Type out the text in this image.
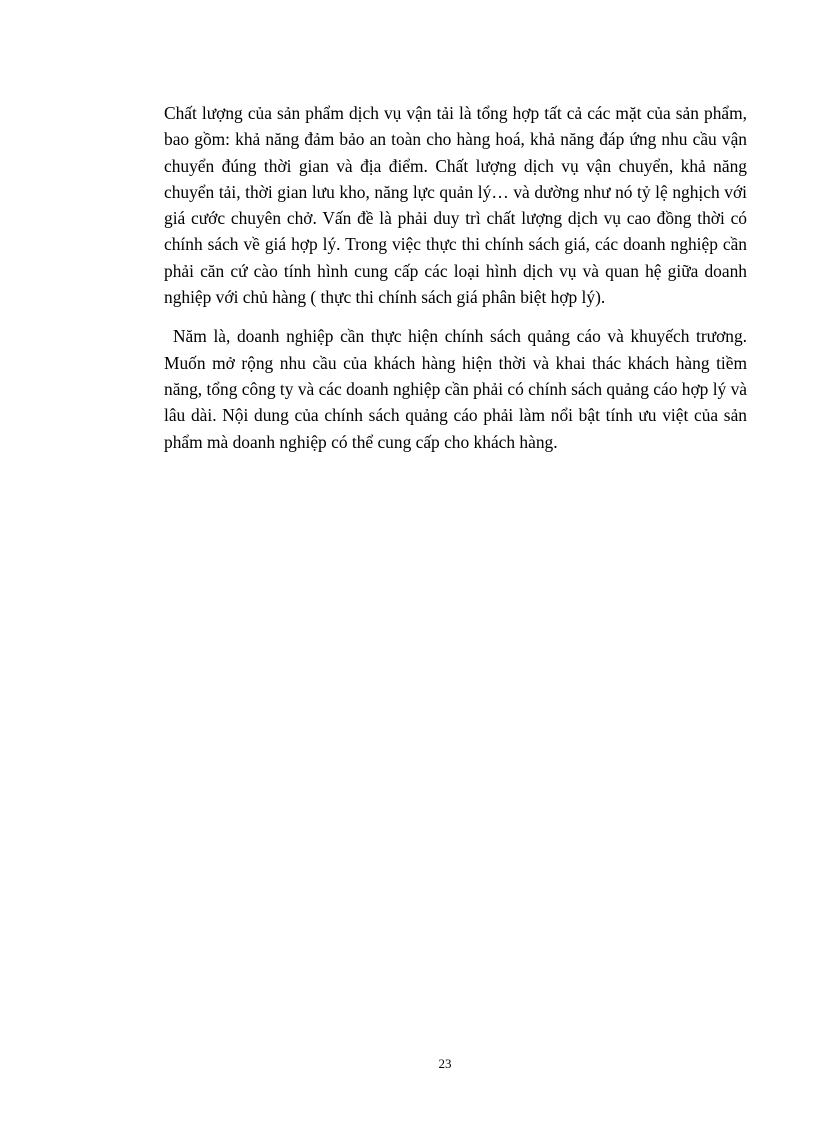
Chất lượng của sản phẩm dịch vụ vận tải là tổng hợp tất cả các mặt của sản phẩm, bao gồm: khả năng đảm bảo an toàn cho hàng hoá, khả năng đáp ứng nhu cầu vận chuyển đúng thời gian và địa điểm. Chất lượng dịch vụ vận chuyển, khả năng chuyển tải, thời gian lưu kho, năng lực quản lý… và dường như nó tỷ lệ nghịch với giá cước chuyên chở. Vấn đề là phải duy trì chất lượng dịch vụ cao đồng thời có chính sách về giá hợp lý. Trong việc thực thi chính sách giá, các doanh nghiệp cần phải căn cứ cào tính hình cung cấp các loại hình dịch vụ và quan hệ giữa doanh nghiệp với chủ hàng ( thực thi chính sách giá phân biệt hợp lý).

Năm là, doanh nghiệp cần thực hiện chính sách quảng cáo và khuyếch trương. Muốn mở rộng nhu cầu của khách hàng hiện thời và khai thác khách hàng tiềm năng, tổng công ty và các doanh nghiệp cần phải có chính sách quảng cáo hợp lý và lâu dài. Nội dung của chính sách quảng cáo phải làm nổi bật tính ưu việt của sản phẩm mà doanh nghiệp có thể cung cấp cho khách hàng.

23
